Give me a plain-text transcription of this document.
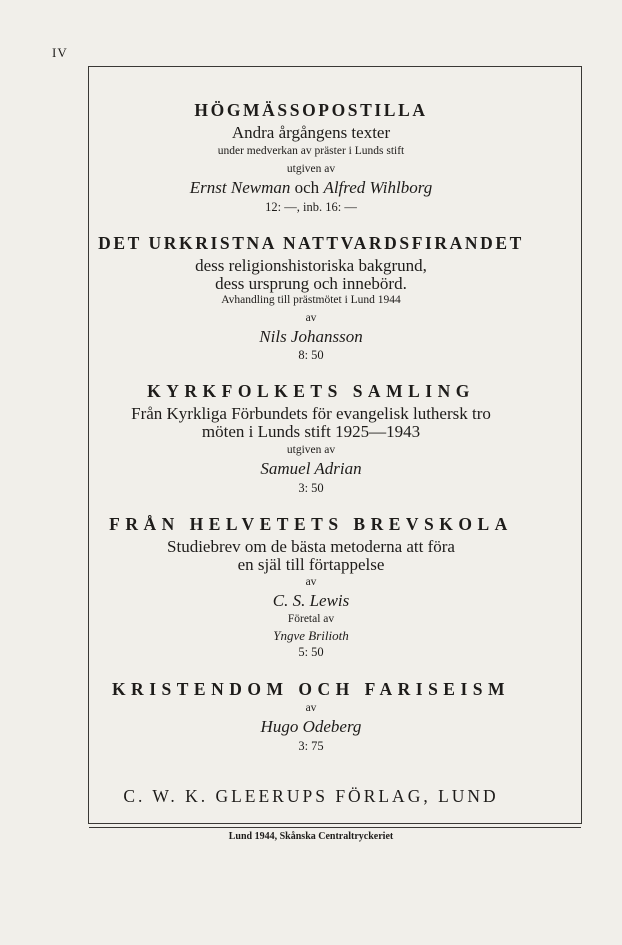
IV
HÖGMÄSSOPOSTILLA
Andra årgångens texter
under medverkan av präster i Lunds stift
utgiven av
Ernst Newman och Alfred Wihlborg
12: —, inb. 16: —
DET URKRISTNA NATTVARDSFIRANDET
dess religionshistoriska bakgrund,
dess ursprung och innebörd.
Avhandling till prästmötet i Lund 1944
av
Nils Johansson
8: 50
KYRKFOLKETS SAMLING
Från Kyrkliga Förbundets för evangelisk luthersk tro
möten i Lunds stift 1925—1943
utgiven av
Samuel Adrian
3: 50
FRÅN HELVETETS BREVSKOLA
Studiebrev om de bästa metoderna att föra
en själ till förtappelse
av
C. S. Lewis
Företal av
Yngve Brilioth
5: 50
KRISTENDOM OCH FARISEISM
av
Hugo Odeberg
3: 75
C. W. K. GLEERUPS FÖRLAG, LUND
Lund 1944, Skånska Centraltryckeriet
